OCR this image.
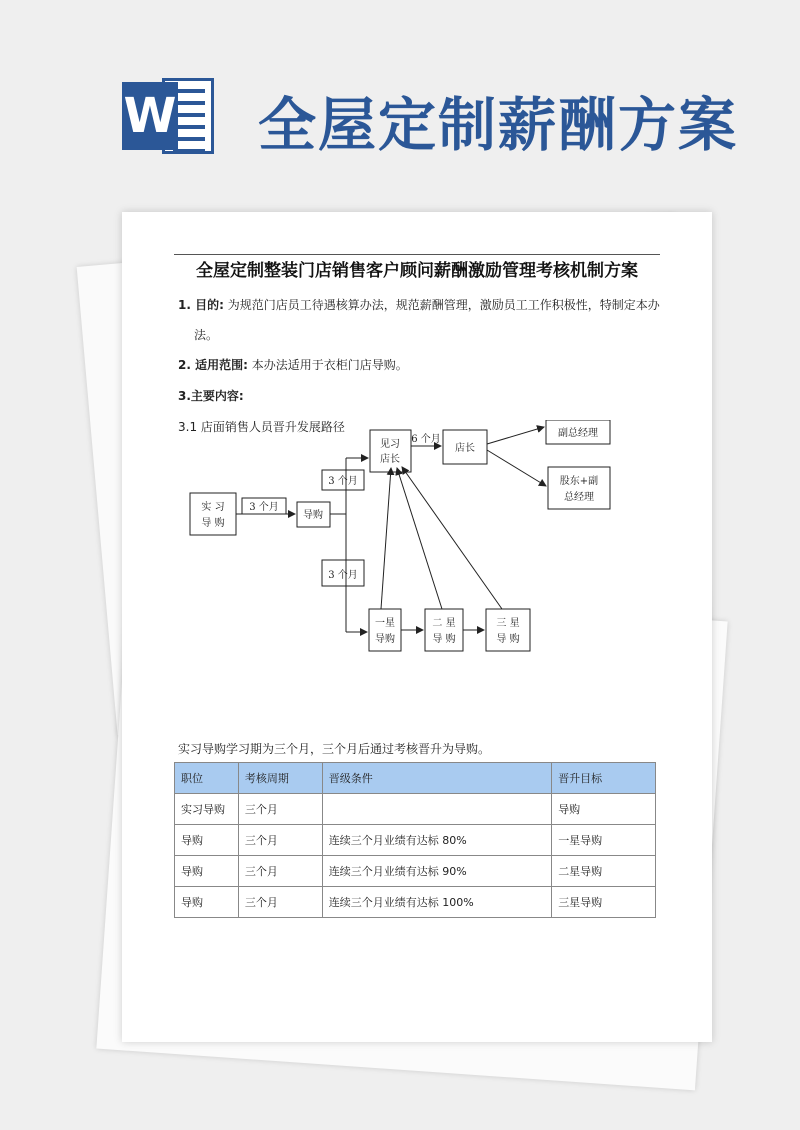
W 全屋定制薪酬方案
全屋定制整装门店销售客户顾问薪酬激励管理考核机制方案
1. 目的: 为规范门店员工待遇核算办法，规范薪酬管理，激励员工工作积极性，特制定本办
法。
2. 适用范围: 本办法适用于衣柜门店导购。
3.主要内容:
3.1 店面销售人员晋升发展路径
实 习
导 购
3 个月
导购
3 个月
3 个月
见习
店长
6 个月
店长
副总经理
股东+副
总经理
一星
导购
二 星
导 购
三 星
导 购
实习导购学习期为三个月，三个月后通过考核晋升为导购。
职位	考核周期	晋级条件	晋升目标
实习导购	三个月		导购
导购	三个月	连续三个月业绩有达标 80%	一星导购
导购	三个月	连续三个月业绩有达标 90%	二星导购
导购	三个月	连续三个月业绩有达标 100%	三星导购
